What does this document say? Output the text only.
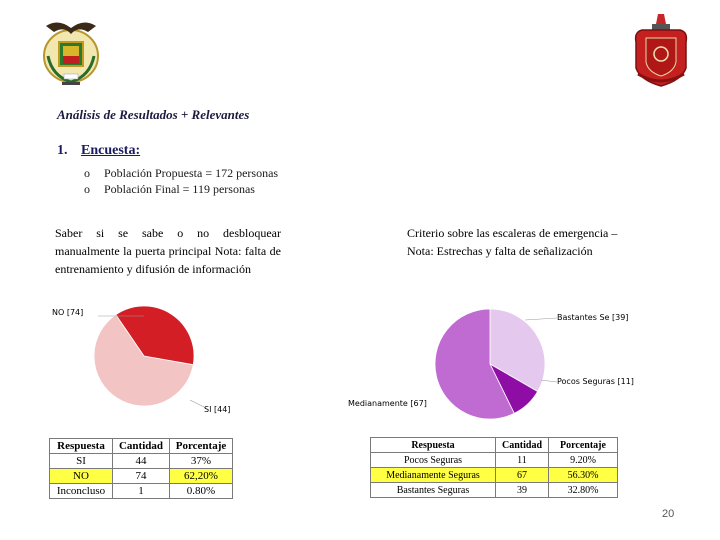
Análisis de Resultados + Relevantes
1. Encuesta:
o Población Propuesta = 172 personas
o Población Final = 119 personas
Saber si se sabe o no desbloquear manualmente la puerta principal Nota: falta de entrenamiento y difusión de información
Criterio sobre las escaleras de emergencia – Nota: Estrechas y falta de señalización
NO [74]
SI [44]
Bastantes Se [39]
Pocos Seguras [11]
Medianamente [67]
Respuesta	Cantidad	Porcentaje
SI	44	37%
NO	74	62,20%
Inconcluso	1	0.80%
Respuesta	Cantidad	Porcentaje
Pocos Seguras	11	9.20%
Medianamente Seguras	67	56.30%
Bastantes Seguras	39	32.80%
20
